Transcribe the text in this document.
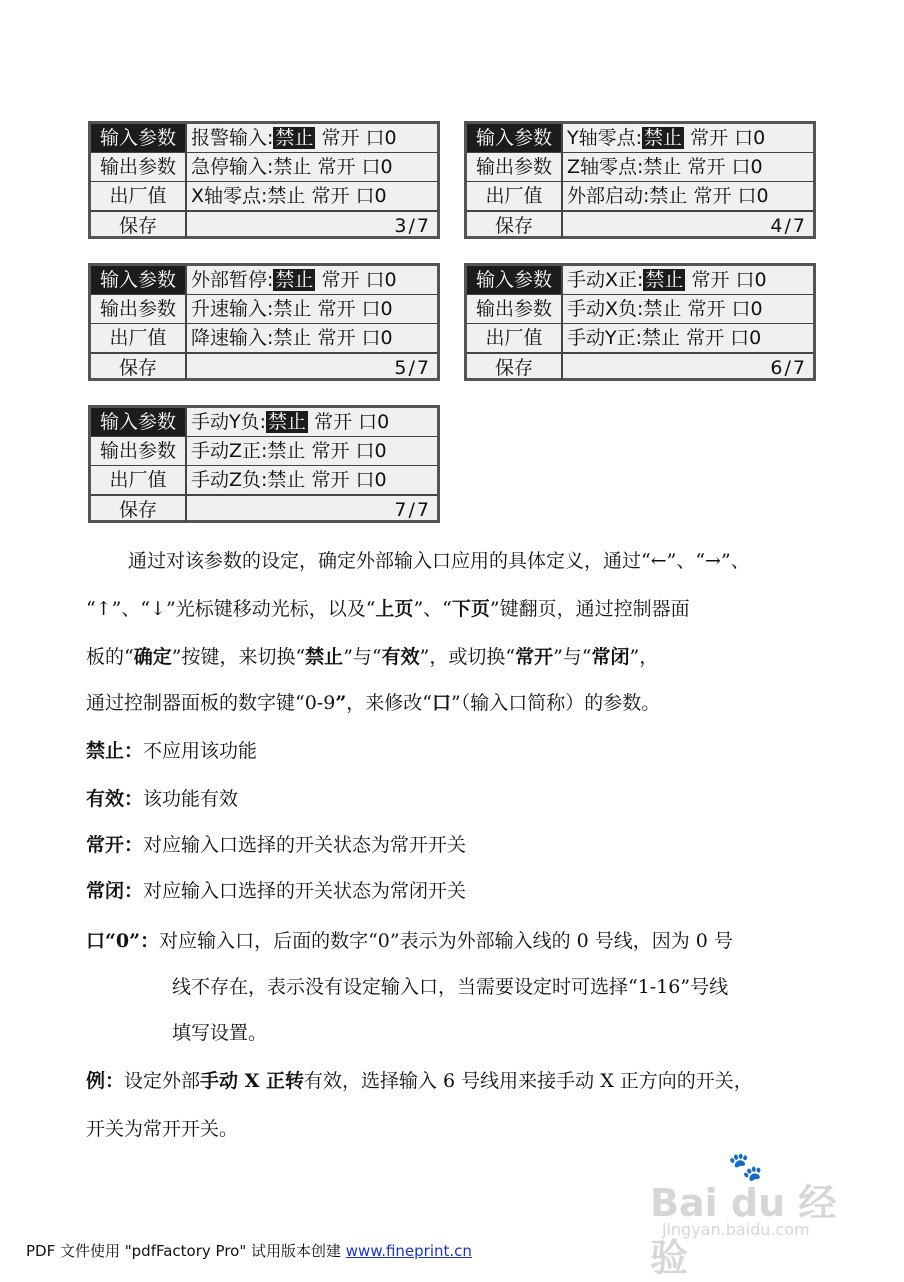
输入参数 报警输入: 禁止 常开 口0
输出参数 急停输入:禁止 常开 口0
出厂值	X轴零点:禁止 常开 口0
保存	3/7
输入参数 Y轴零点: 禁止 常开 口0
输出参数 Z轴零点:禁止 常开 口0
出厂值	外部启动:禁止 常开 口0
保存	4/7
输入参数 外部暂停: 禁止 常开 口0
输出参数 升速输入:禁止 常开 口0
出厂值	降速输入:禁止 常开 口0
保存	5/7
输入参数 手动X正: 禁止 常开 口0
输出参数 手动X负:禁止 常开 口0
出厂值	手动Y正:禁止 常开 口0
保存	6/7
输入参数 手动Y负: 禁止 常开 口0
输出参数 手动Z正:禁止 常开 口0
出厂值	手动Z负:禁止 常开 口0
保存	7/7
通过对该参数的设定，确定外部输入口应用的具体定义，通过“←”、“→”、
“↑”、“↓”光标键移动光标，以及“上页”、“下页”键翻页，通过控制器面
板的“确定”按键，来切换“禁止”与“有效”，或切换“常开”与“常闭”，
通过控制器面板的数字键“0-9”，来修改“口”（输入口简称）的参数。
禁止：不应用该功能
有效：该功能有效
常开：对应输入口选择的开关状态为常开开关
常闭：对应输入口选择的开关状态为常闭开关
口“0”：对应输入口，后面的数字“0”表示为外部输入线的 0 号线，因为 0 号
线不存在，表示没有设定输入口，当需要设定时可选择“1-16”号线
填写设置。
例：设定外部手动 X 正转有效，选择输入 6 号线用来接手动 X 正方向的开关，
开关为常开开关。
🐾
Bai du 经验
jingyan.baidu.com
PDF 文件使用 "pdfFactory Pro" 试用版本创建 www.fineprint.cn
